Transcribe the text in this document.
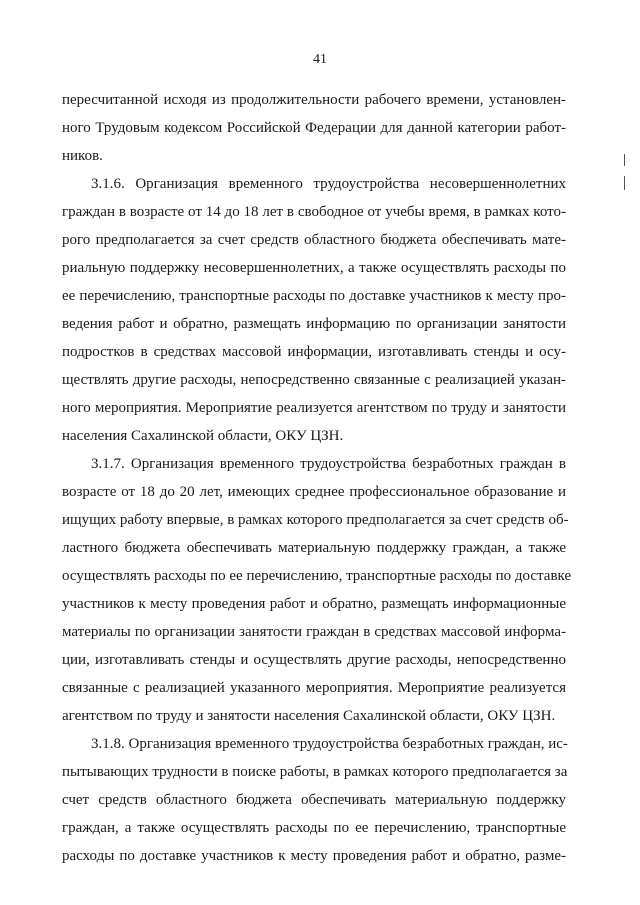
41
пересчитанной исходя из продолжительности рабочего времени, установлен-
ного Трудовым кодексом Российской Федерации для данной категории работ-
ников.
3.1.6. Организация временного трудоустройства несовершеннолетних
граждан в возрасте от 14 до 18 лет в свободное от учебы время, в рамках кото-
рого предполагается за счет средств областного бюджета обеспечивать мате-
риальную поддержку несовершеннолетних, а также осуществлять расходы по
ее перечислению, транспортные расходы по доставке участников к месту про-
ведения работ и обратно, размещать информацию по организации занятости
подростков в средствах массовой информации, изготавливать стенды и осу-
ществлять другие расходы, непосредственно связанные с реализацией указан-
ного мероприятия. Мероприятие реализуется агентством по труду и занятости
населения Сахалинской области, ОКУ ЦЗН.
3.1.7. Организация временного трудоустройства безработных граждан в
возрасте от 18 до 20 лет, имеющих среднее профессиональное образование и
ищущих работу впервые, в рамках которого предполагается за счет средств об-
ластного бюджета обеспечивать материальную поддержку граждан, а также
осуществлять расходы по ее перечислению, транспортные расходы по доставке
участников к месту проведения работ и обратно, размещать информационные
материалы по организации занятости граждан в средствах массовой информа-
ции, изготавливать стенды и осуществлять другие расходы, непосредственно
связанные с реализацией указанного мероприятия. Мероприятие реализуется
агентством по труду и занятости населения Сахалинской области, ОКУ ЦЗН.
3.1.8. Организация временного трудоустройства безработных граждан, ис-
пытывающих трудности в поиске работы, в рамках которого предполагается за
счет средств областного бюджета обеспечивать материальную поддержку
граждан, а также осуществлять расходы по ее перечислению, транспортные
расходы по доставке участников к месту проведения работ и обратно, разме-
